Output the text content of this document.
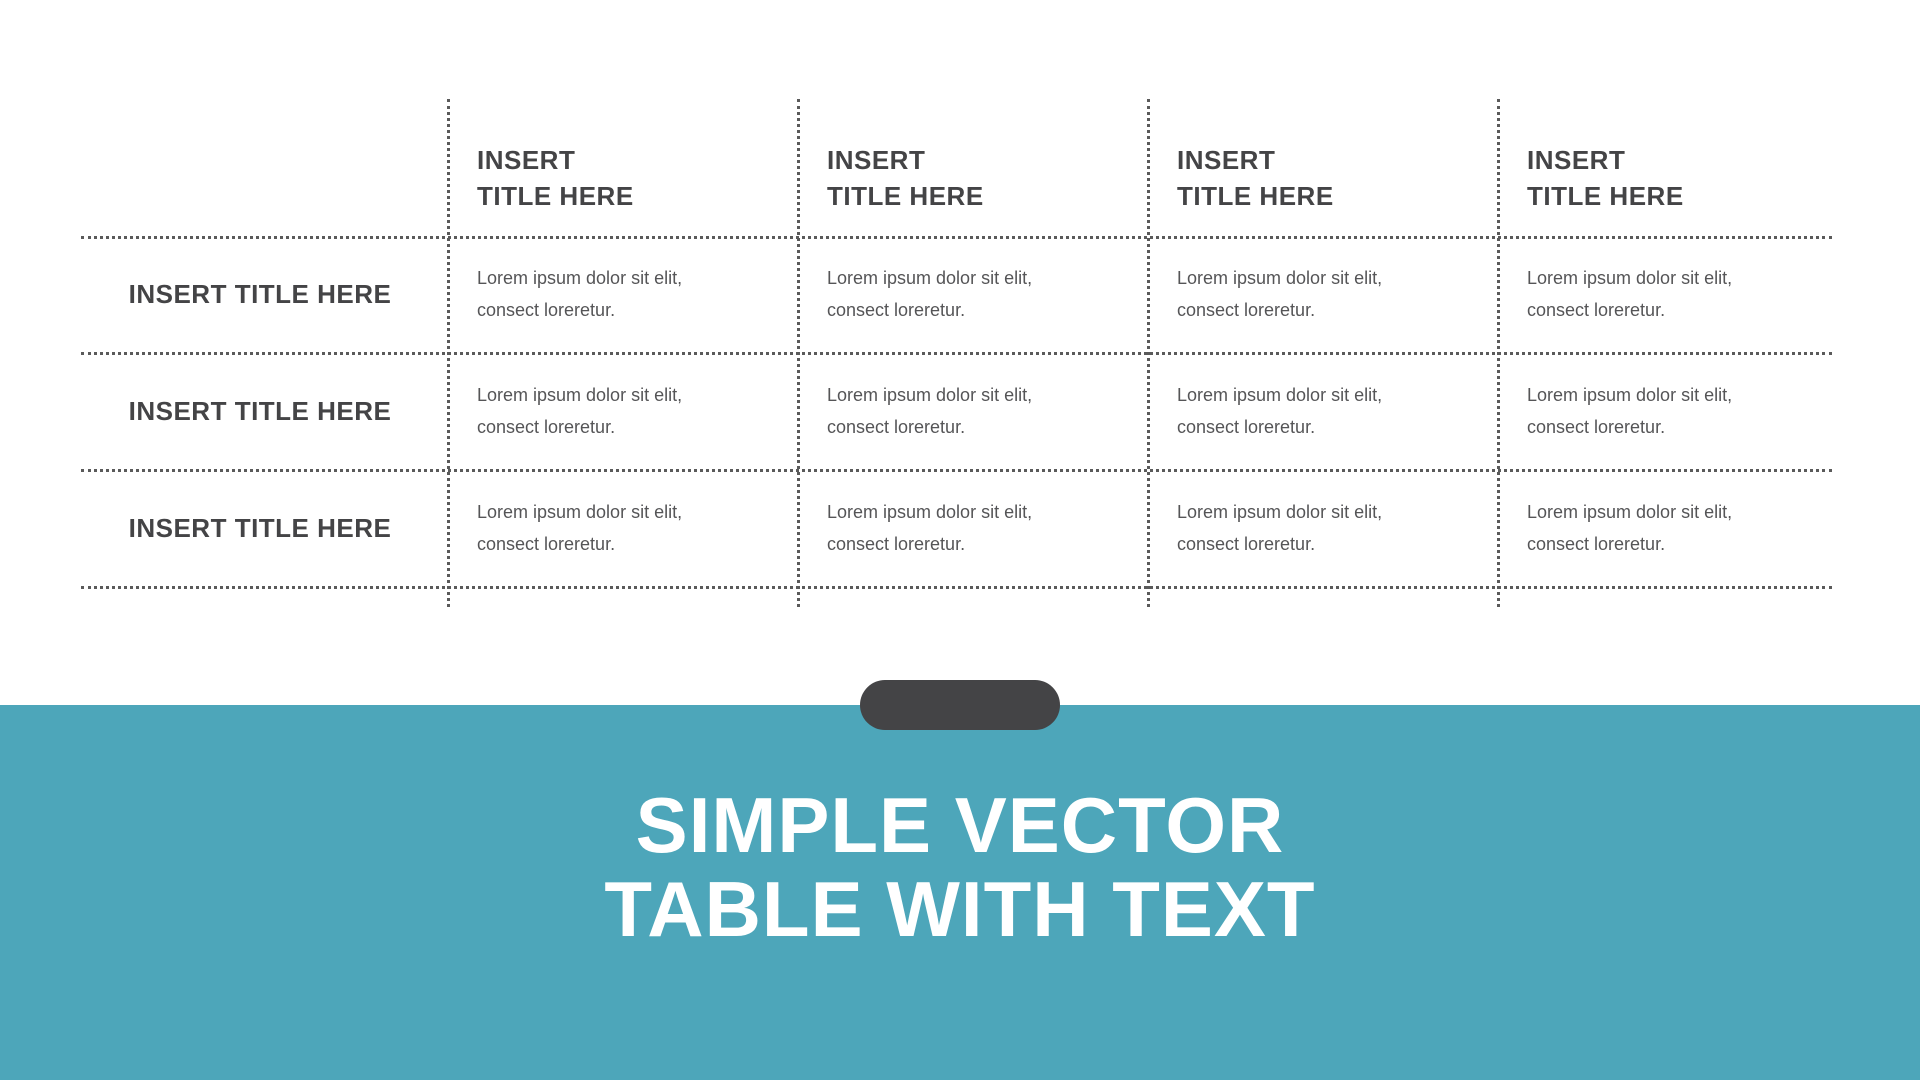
INSERT
TITLE HERE
INSERT
TITLE HERE
INSERT
TITLE HERE
INSERT
TITLE HERE
INSERT TITLE HERE

Lorem ipsum dolor sit elit,
consect loreretur.

Lorem ipsum dolor sit elit,
consect loreretur.

Lorem ipsum dolor sit elit,
consect loreretur.

Lorem ipsum dolor sit elit,
consect loreretur.

INSERT TITLE HERE

Lorem ipsum dolor sit elit,
consect loreretur.

Lorem ipsum dolor sit elit,
consect loreretur.

Lorem ipsum dolor sit elit,
consect loreretur.

Lorem ipsum dolor sit elit,
consect loreretur.

INSERT TITLE HERE

Lorem ipsum dolor sit elit,
consect loreretur.

Lorem ipsum dolor sit elit,
consect loreretur.

Lorem ipsum dolor sit elit,
consect loreretur.

Lorem ipsum dolor sit elit,
consect loreretur.

SIMPLE VECTOR
TABLE WITH TEXT
